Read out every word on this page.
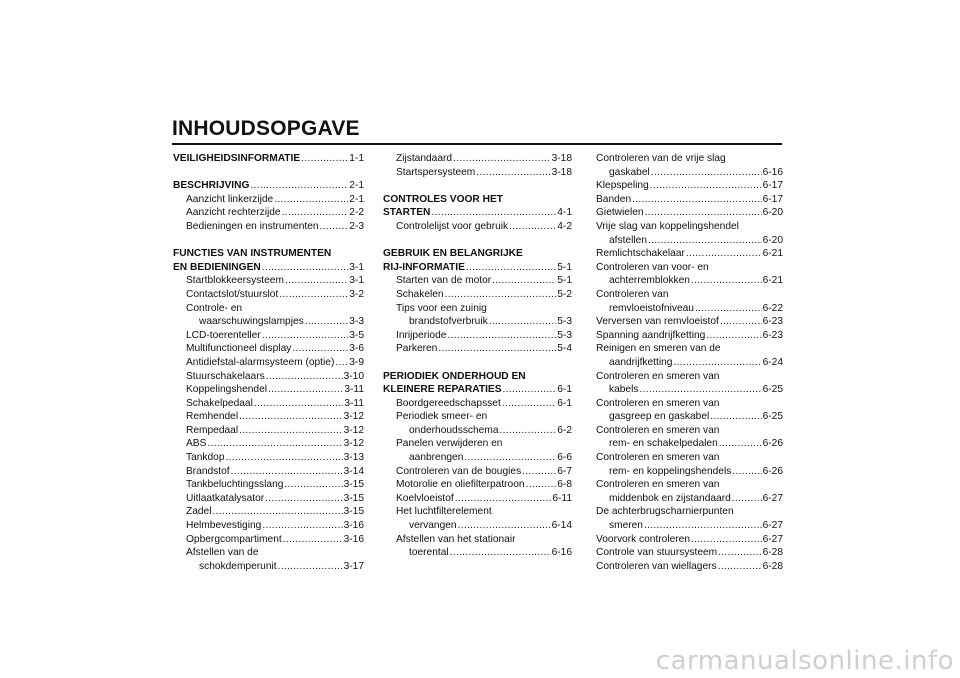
INHOUDSOPGAVE
VEILIGHEIDSINFORMATIE .....	1-1
BESCHRIJVING .....	2-1
Aanzicht linkerzijde .....	2-1
Aanzicht rechterzijde .....	2-2
Bedieningen en instrumenten .....	2-3
FUNCTIES VAN INSTRUMENTEN
EN BEDIENINGEN .....	3-1
Startblokkeersysteem .....	3-1
Contactslot/stuurslot .....	3-2
Controle- en
waarschuwingslampjes .....	3-3
LCD-toerenteller .....	3-5
Multifunctioneel display .....	3-6
Antidiefstal-alarmsysteem (optie) ..... 3-9
Stuurschakelaars .....	3-10
Koppelingshendel .....	3-11
Schakelpedaal .....	3-11
Remhendel .....	3-12
Rempedaal .....	3-12
ABS .....	3-12
Tankdop .....	3-13
Brandstof .....	3-14
Tankbeluchtingsslang .....	3-15
Uitlaatkatalysator .....	3-15
Zadel .....	3-15
Helmbevestiging .....	3-16
Opbergcompartiment .....	3-16
Afstellen van de
schokdemperunit .....	3-17
Zijstandaard .....	3-18
Startspersysteem .....	3-18
CONTROLES VOOR HET
STARTEN .....	4-1
Controlelijst voor gebruik .....	4-2
GEBRUIK EN BELANGRIJKE
RIJ-INFORMATIE .....	5-1
Starten van de motor .....	5-1
Schakelen .....	5-2
Tips voor een zuinig
brandstofverbruik .....	5-3
Inrijperiode .....	5-3
Parkeren .....	5-4
PERIODIEK ONDERHOUD EN
KLEINERE REPARATIES .....	6-1
Boordgereedschapsset .....	6-1
Periodiek smeer- en
onderhoudsschema .....	6-2
Panelen verwijderen en
aanbrengen .....	6-6
Controleren van de bougies .....	6-7
Motorolie en oliefilterpatroon .....	6-8
Koelvloeistof .....	6-11
Het luchtfilterelement
vervangen .....	6-14
Afstellen van het stationair
toerental .....	6-16
Controleren van de vrije slag
gaskabel .....	6-16
Klepspeling .....	6-17
Banden .....	6-17
Gietwielen .....	6-20
Vrije slag van koppelingshendel
afstellen .....	6-20
Remlichtschakelaar .....	6-21
Controleren van voor- en
achterremblokken .....	6-21
Controleren van
remvloeistofniveau .....	6-22
Verversen van remvloeistof .....	6-23
Spanning aandrijfketting .....	6-23
Reinigen en smeren van de
aandrijfketting .....	6-24
Controleren en smeren van
kabels .....	6-25
Controleren en smeren van
gasgreep en gaskabel .....	6-25
Controleren en smeren van
rem- en schakelpedalen .....	6-26
Controleren en smeren van
rem- en koppelingshendels .....	6-26
Controleren en smeren van
middenbok en zijstandaard .....	6-27
De achterbrugscharnierpunten
smeren .....	6-27
Voorvork controleren .....	6-27
Controle van stuursysteem .....	6-28
Controleren van wiellagers .....	6-28
carmanualsonline.info
